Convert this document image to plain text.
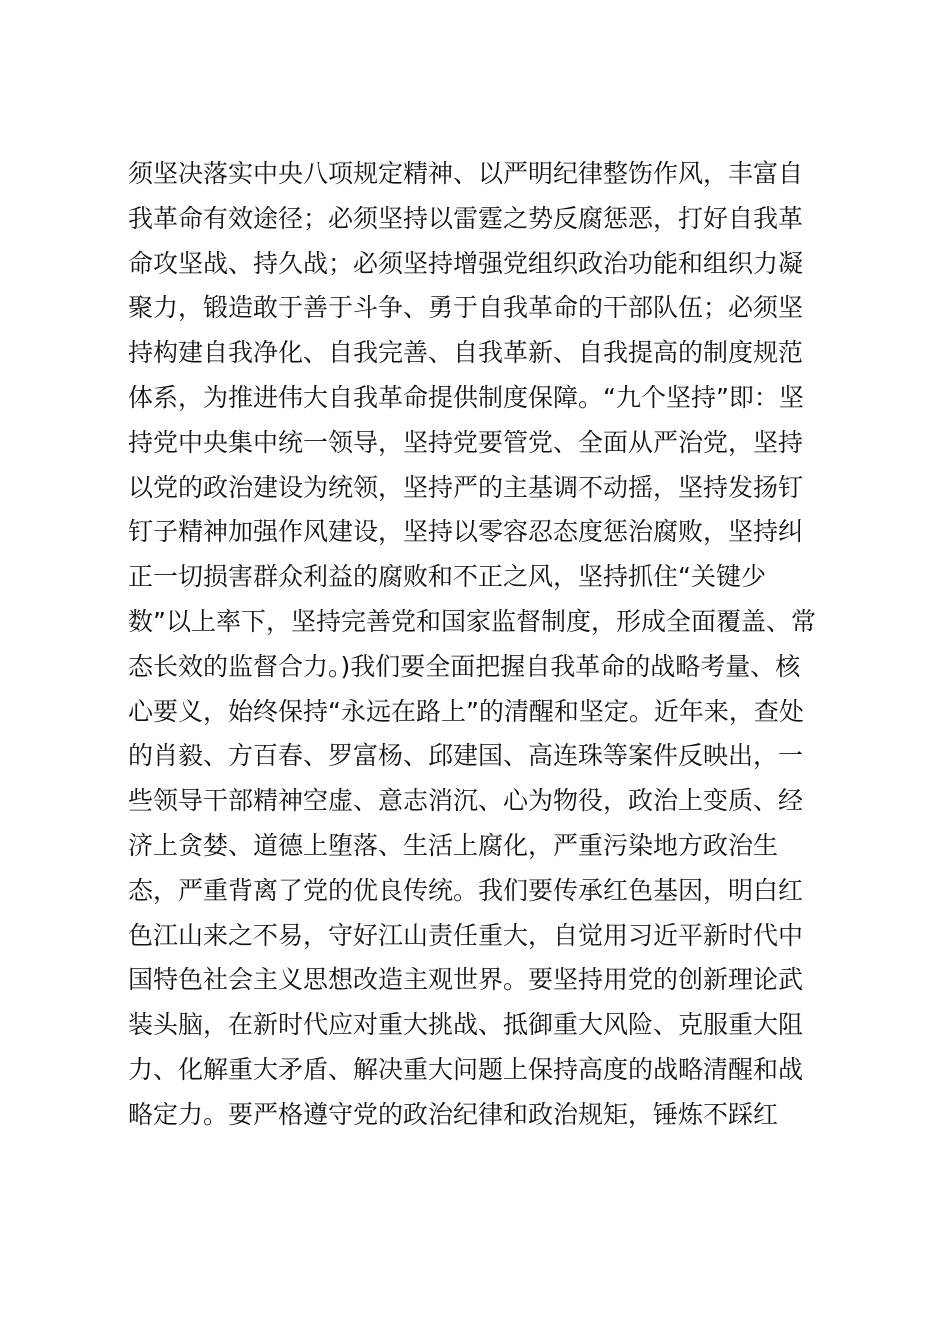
须坚决落实中央八项规定精神、以严明纪律整饬作风，丰富自
我革命有效途径；必须坚持以雷霆之势反腐惩恶，打好自我革
命攻坚战、持久战；必须坚持增强党组织政治功能和组织力凝
聚力，锻造敢于善于斗争、勇于自我革命的干部队伍；必须坚
持构建自我净化、自我完善、自我革新、自我提高的制度规范
体系，为推进伟大自我革命提供制度保障。“九个坚持”即：坚
持党中央集中统一领导，坚持党要管党、全面从严治党，坚持
以党的政治建设为统领，坚持严的主基调不动摇，坚持发扬钉
钉子精神加强作风建设，坚持以零容忍态度惩治腐败，坚持纠
正一切损害群众利益的腐败和不正之风，坚持抓住“关键少
数”以上率下，坚持完善党和国家监督制度，形成全面覆盖、常
态长效的监督合力。)我们要全面把握自我革命的战略考量、核
心要义，始终保持“永远在路上”的清醒和坚定。近年来，查处
的肖毅、方百春、罗富杨、邱建国、高连珠等案件反映出，一
些领导干部精神空虚、意志消沉、心为物役，政治上变质、经
济上贪婪、道德上堕落、生活上腐化，严重污染地方政治生
态，严重背离了党的优良传统。我们要传承红色基因，明白红
色江山来之不易，守好江山责任重大，自觉用习近平新时代中
国特色社会主义思想改造主观世界。要坚持用党的创新理论武
装头脑，在新时代应对重大挑战、抵御重大风险、克服重大阻
力、化解重大矛盾、解决重大问题上保持高度的战略清醒和战
略定力。要严格遵守党的政治纪律和政治规矩，锤炼不踩红
